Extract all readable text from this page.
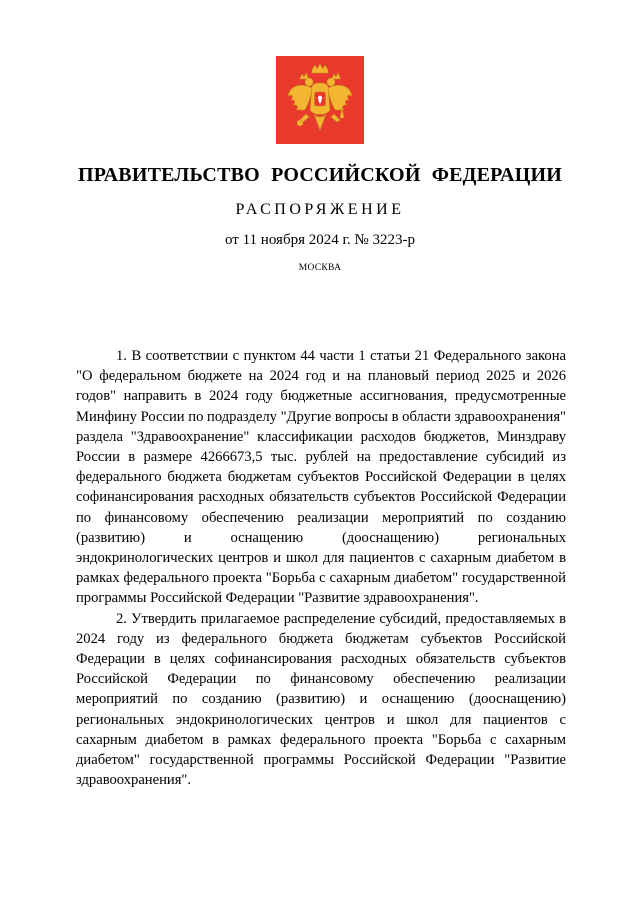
ПРАВИТЕЛЬСТВО РОССИЙСКОЙ ФЕДЕРАЦИИ
РАСПОРЯЖЕНИЕ
от 11 ноября 2024 г. № 3223-р
МОСКВА

1. В соответствии с пунктом 44 части 1 статьи 21 Федерального закона "О федеральном бюджете на 2024 год и на плановый период 2025 и 2026 годов" направить в 2024 году бюджетные ассигнования, предусмотренные Минфину России по подразделу "Другие вопросы в области здравоохранения" раздела "Здравоохранение" классификации расходов бюджетов, Минздраву России в размере 4266673,5 тыс. рублей на предоставление субсидий из федерального бюджета бюджетам субъектов Российской Федерации в целях софинансирования расходных обязательств субъектов Российской Федерации по финансовому обеспечению реализации мероприятий по созданию (развитию) и оснащению (дооснащению) региональных эндокринологических центров и школ для пациентов с сахарным диабетом в рамках федерального проекта "Борьба с сахарным диабетом" государственной программы Российской Федерации "Развитие здравоохранения".

2. Утвердить прилагаемое распределение субсидий, предоставляемых в 2024 году из федерального бюджета бюджетам субъектов Российской Федерации в целях софинансирования расходных обязательств субъектов Российской Федерации по финансовому обеспечению реализации мероприятий по созданию (развитию) и оснащению (дооснащению) региональных эндокринологических центров и школ для пациентов с сахарным диабетом в рамках федерального проекта "Борьба с сахарным диабетом" государственной программы Российской Федерации "Развитие здравоохранения".
